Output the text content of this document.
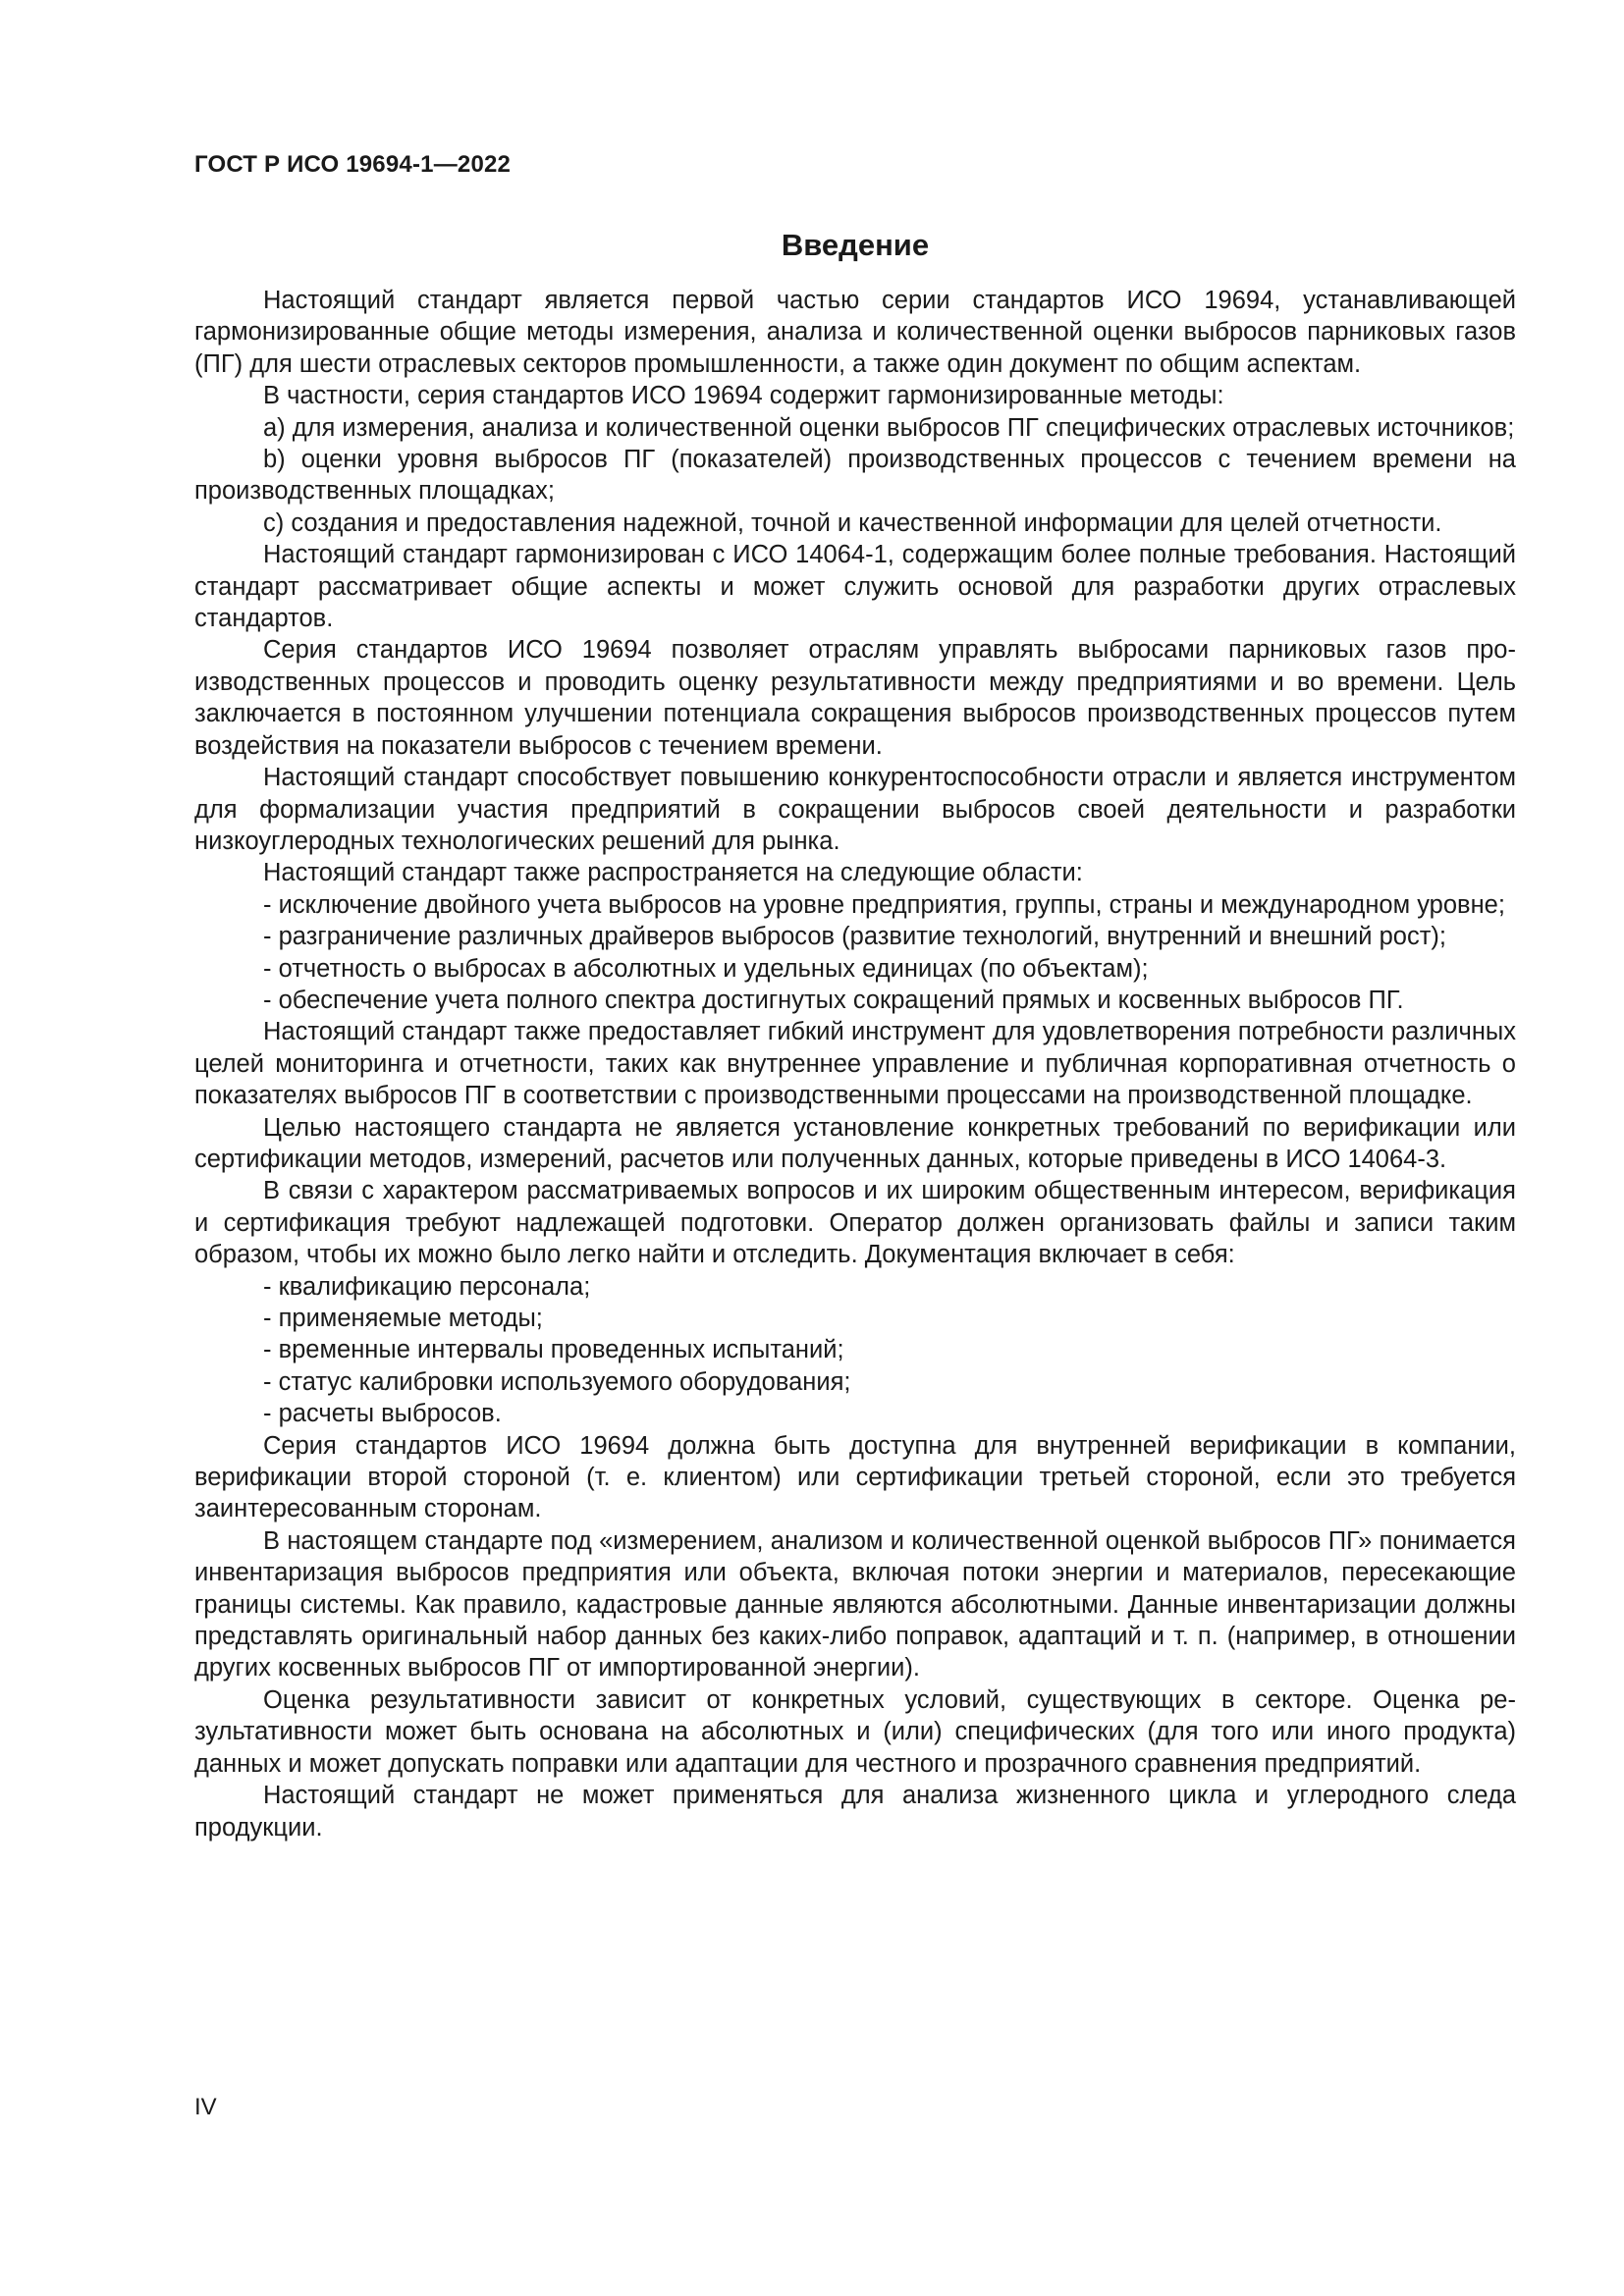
ГОСТ Р ИСО 19694-1—2022
Введение

Настоящий стандарт является первой частью серии стандартов ИСО 19694, устанавливающей гармонизированные общие методы измерения, анализа и количественной оценки выбросов парниковых газов (ПГ) для шести отраслевых секторов промышленности, а также один документ по общим аспектам.

В частности, серия стандартов ИСО 19694 содержит гармонизированные методы:

a) для измерения, анализа и количественной оценки выбросов ПГ специфических отраслевых источников;

b) оценки уровня выбросов ПГ (показателей) производственных процессов с течением времени на производственных площадках;

c) создания и предоставления надежной, точной и качественной информации для целей отчетности.

Настоящий стандарт гармонизирован с ИСО 14064-1, содержащим более полные требования. Настоящий стандарт рассматривает общие аспекты и может служить основой для разработки других отраслевых стандартов.

Серия стандартов ИСО 19694 позволяет отраслям управлять выбросами парниковых газов производственных процессов и проводить оценку результативности между предприятиями и во времени. Цель заключается в постоянном улучшении потенциала сокращения выбросов производственных процессов путем воздействия на показатели выбросов с течением времени.

Настоящий стандарт способствует повышению конкурентоспособности отрасли и является инструментом для формализации участия предприятий в сокращении выбросов своей деятельности и разработки низкоуглеродных технологических решений для рынка.

Настоящий стандарт также распространяется на следующие области:

- исключение двойного учета выбросов на уровне предприятия, группы, страны и международном уровне;

- разграничение различных драйверов выбросов (развитие технологий, внутренний и внешний рост);

- отчетность о выбросах в абсолютных и удельных единицах (по объектам);

- обеспечение учета полного спектра достигнутых сокращений прямых и косвенных выбросов ПГ.

Настоящий стандарт также предоставляет гибкий инструмент для удовлетворения потребности различных целей мониторинга и отчетности, таких как внутреннее управление и публичная корпоративная отчетность о показателях выбросов ПГ в соответствии с производственными процессами на производственной площадке.

Целью настоящего стандарта не является установление конкретных требований по верификации или сертификации методов, измерений, расчетов или полученных данных, которые приведены в ИСО 14064-3.

В связи с характером рассматриваемых вопросов и их широким общественным интересом, верификация и сертификация требуют надлежащей подготовки. Оператор должен организовать файлы и записи таким образом, чтобы их можно было легко найти и отследить. Документация включает в себя:

- квалификацию персонала;

- применяемые методы;

- временные интервалы проведенных испытаний;

- статус калибровки используемого оборудования;

- расчеты выбросов.

Серия стандартов ИСО 19694 должна быть доступна для внутренней верификации в компании, верификации второй стороной (т. е. клиентом) или сертификации третьей стороной, если это требуется заинтересованным сторонам.

В настоящем стандарте под «измерением, анализом и количественной оценкой выбросов ПГ» понимается инвентаризация выбросов предприятия или объекта, включая потоки энергии и материалов, пересекающие границы системы. Как правило, кадастровые данные являются абсолютными. Данные инвентаризации должны представлять оригинальный набор данных без каких-либо поправок, адаптаций и т. п. (например, в отношении других косвенных выбросов ПГ от импортированной энергии).

Оценка результативности зависит от конкретных условий, существующих в секторе. Оценка результативности может быть основана на абсолютных и (или) специфических (для того или иного продукта) данных и может допускать поправки или адаптации для честного и прозрачного сравнения предприятий.

Настоящий стандарт не может применяться для анализа жизненного цикла и углеродного следа продукции.

IV
